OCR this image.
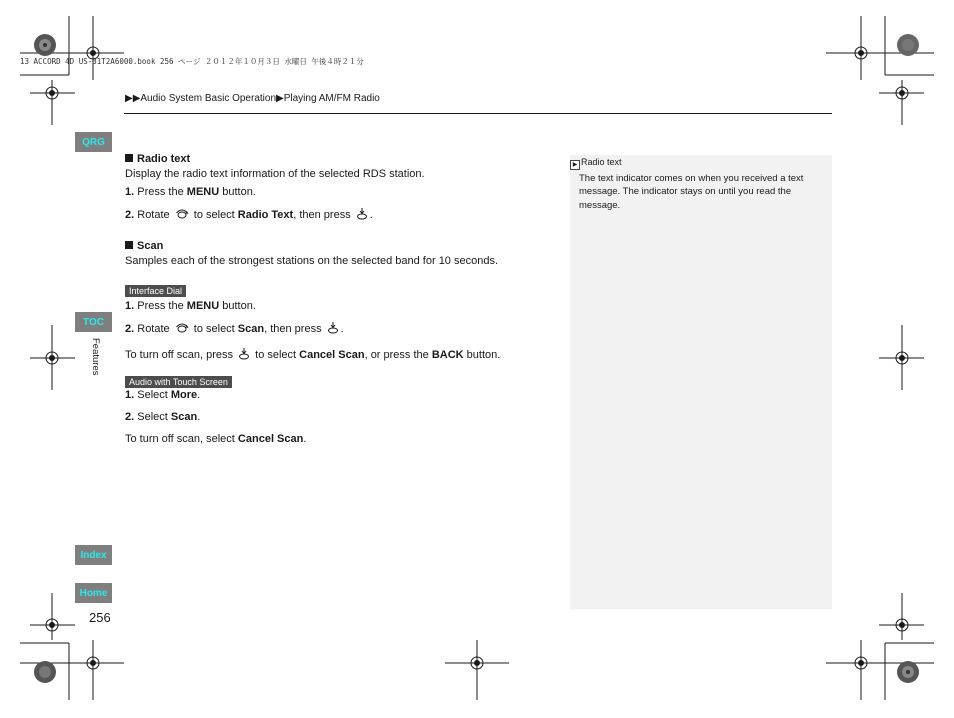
13 ACCORD 4D US-31T2A6000.book 256 ページ ２０１２年１０月３日 水曜日 午後４時２１分
▶▶Audio System Basic Operation▶Playing AM/FM Radio
QRG
TOC
Features
Index
Home
256
Radio text
Display the radio text information of the selected RDS station.
1. Press the MENU button.
2. Rotate  to select Radio Text, then press .
Scan
Samples each of the strongest stations on the selected band for 10 seconds.
Interface Dial
1. Press the MENU button.
2. Rotate  to select Scan, then press .
To turn off scan, press  to select Cancel Scan, or press the BACK button.
Audio with Touch Screen
1. Select More.
2. Select Scan.
To turn off scan, select Cancel Scan.
▶ Radio text
The text indicator comes on when you received a text message. The indicator stays on until you read the message.
